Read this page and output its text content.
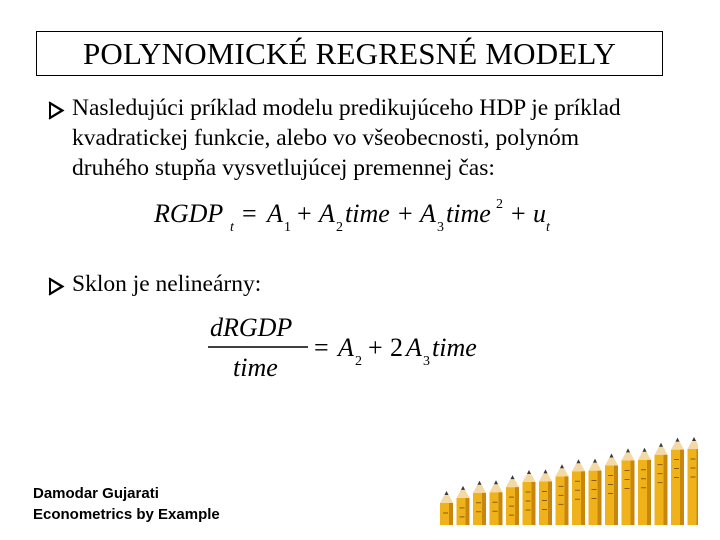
POLYNOMICKÉ REGRESNÉ MODELY
Nasledujúci príklad modelu predikujúceho HDP je príklad
kvadratickej funkcie, alebo vo všeobecnosti, polynóm
druhého stupňa vysvetlujúcej premennej čas:
RGDP t = A 1 + A 2 time + A 3 time 2 + u t
Sklon je nelineárny:
dRGDP
time
= A 2 + 2 A 3 time
Damodar Gujarati
Econometrics by Example
